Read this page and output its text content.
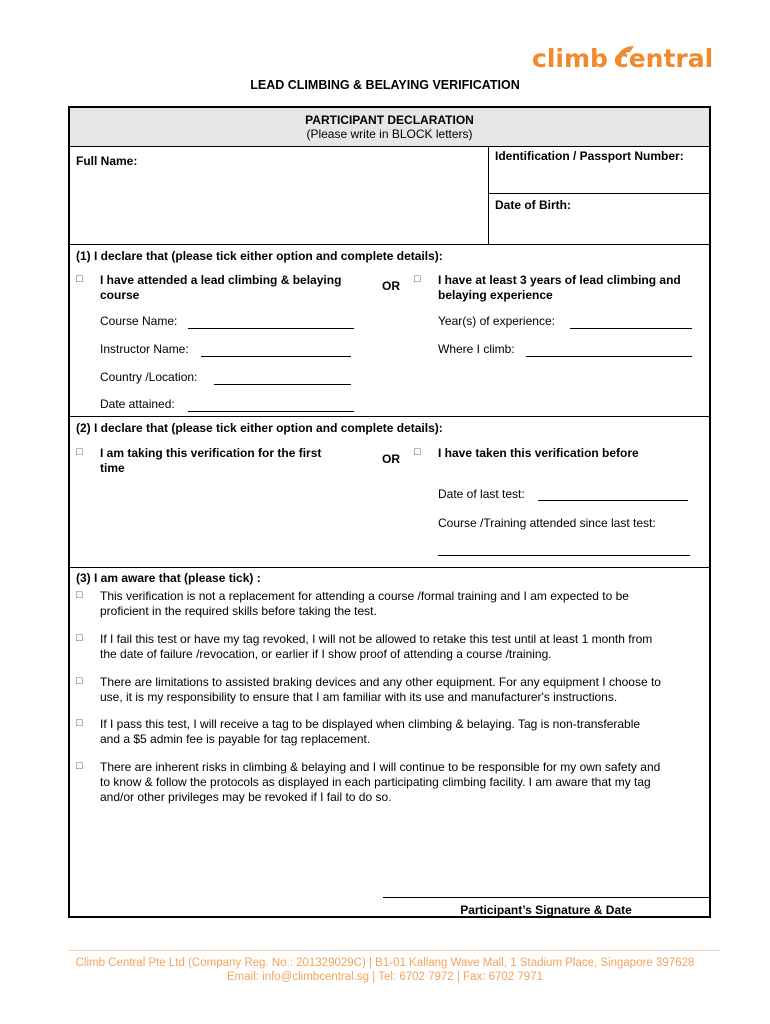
climb central
LEAD CLIMBING & BELAYING VERIFICATION
PARTICIPANT DECLARATION
(Please write in BLOCK letters)
Full Name:	Identification / Passport Number:
Date of Birth:
(1) I declare that (please tick either option and complete details):
□ I have attended a lead climbing & belaying
course
OR □ I have at least 3 years of lead climbing and
belaying experience
Course Name:	Year(s) of experience:
Instructor Name:	Where I climb:
Country /Location:
Date attained:
(2) I declare that (please tick either option and complete details):
□ I am taking this verification for the first
time
OR □ I have taken this verification before
Date of last test:
Course /Training attended since last test:
(3) I am aware that (please tick) :
□ This verification is not a replacement for attending a course /formal training and I am expected to be
proficient in the required skills before taking the test.
□ If I fail this test or have my tag revoked, I will not be allowed to retake this test until at least 1 month from
the date of failure /revocation, or earlier if I show proof of attending a course /training.
□ There are limitations to assisted braking devices and any other equipment. For any equipment I choose to
use, it is my responsibility to ensure that I am familiar with its use and manufacturer's instructions.
□ If I pass this test, I will receive a tag to be displayed when climbing & belaying. Tag is non-transferable
and a $5 admin fee is payable for tag replacement.
□ There are inherent risks in climbing & belaying and I will continue to be responsible for my own safety and
to know & follow the protocols as displayed in each participating climbing facility. I am aware that my tag
and/or other privileges may be revoked if I fail to do so.
Participant’s Signature & Date
Climb Central Pte Ltd (Company Reg. No.: 201329029C) | B1-01 Kallang Wave Mall, 1 Stadium Place, Singapore 397628
Email: info@climbcentral.sg | Tel: 6702 7972 | Fax: 6702 7971
